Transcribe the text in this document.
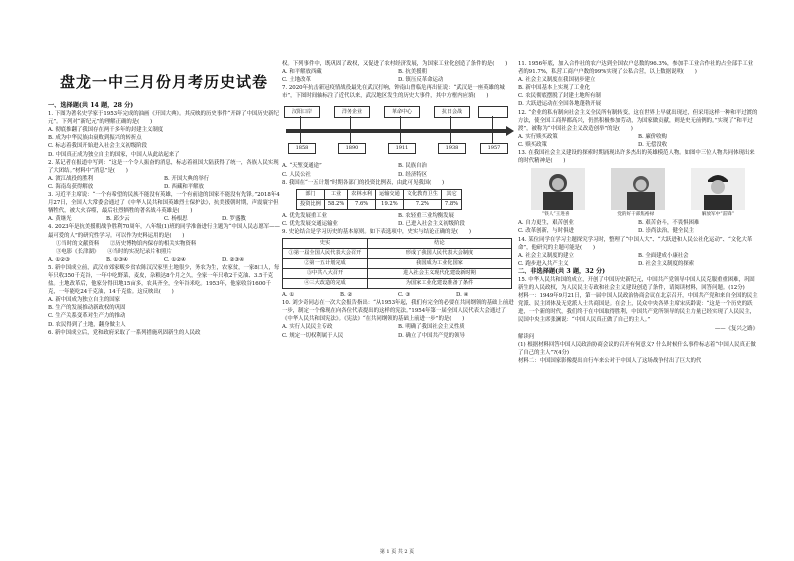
盘龙一中三月份月考历史试卷

一、选择题(共 14 题，28 分)

1. 下图为著名史学家于1953年完成的油画《开国大典》。其反映的历史事件“开辟了中国历史新纪元”。下列对“新纪元”的理解正确的是(　　)

A. 彻底推翻了我国存在两千多年的封建主义制度

B. 成为中华民族由衰败到振兴的转折点

C. 标志着我国开始进入社会主义初级阶段

D. 中国真正成为独立自主的国家，中国人从此站起来了

2. 某记者在报道中写到：“这是一个令人振奋的消息，标志着祖国大陆获得了统一，各族人民实现了大团结。”材料中“消息”是(　　)

A. 渡江战役的胜利	B. 开国大典的举行
C. 海南岛获得解放	D. 西藏和平解放

3. 习近平主席说：“一个有希望的民族不能没有英雄，一个有前途的国家不能没有先锋。”2018年4月27日，全国人大常委会通过了《中华人民共和国英雄烈士保护法》，抗美援朝时期，声震寰宇但牺牲代，被大火吞噬，最后壮烈牺牲的著名战斗英雄是(　　)

A. 黄继光	B. 邱少云	C. 杨根思	D. 罗盛教

4. 2023年是抗美援朝战争胜利70周年，八年级(1)班的同学准备进行主题为“中国人民志愿军——最可爱的人”的研究性学习。可以作为史料运用的是(　　)

①当时的文献资料　　②历史博物馆内保存的相关实物资料

③电影《长津湖》　　④当时的实况纪录片和照片

A. ①②③	B. ①③④	C. ①②④	D. ②③④

5. 新中国成立前，武汉市郊家畈乡贫农陈汉汉家里土地很少，务农为生，农家贫，一家8口人，每年只收350千克谷，一年中吃野菜，麦皮，杂粮达8个月之久，全家一年只收2千克油、3.5千克盐。土地改革后，他家分得田地15亩多，农具齐全，全年谷米吃。1953年，他家收谷1600千克，一年能吃24千克油，14千克盐。这反映出(　　)

A. 新中国成为独立自主的国家

B. 生产的发展推动新政权的巩固

C. 生产关系变革对生产力的推动

D. 农民得到了土地，翻身做主人

6. 新中国成立后，党和政府采取了一系列措施巩固新生的人民政

权。下列事件中，既巩固了政权，又促进了农村经济发展，为国家工业化创造了条件的是(　　)

A. 和平解放西藏	B. 抗美援朝
C. 土地改革	D. 镇压反革命运动

7. 2020年抗击新冠疫情战役最先在武汉打响，钟南山曾临危再出征说：“武汉是一座英雄的城市”，下图时间轴标注了近代以来，武汉地区发生的历史大事件，其中方框内应填(　　)

汉阳口岸	洋务企业	革命中心	抗日会战
1858	1890	1911	1938	1957
A. “天堑变通途”	B. 民族自治
C. 人民公社	D. 经济特区

8. 我国在“一五计划”时期各部门的投资比例表，由此可见我国(　　)

部门	工业	农林水利	运输交通	文化教育卫生	其它
投资比例	58.2%	7.6%	19.2%	7.2%	7.8%
A. 优先发展重工业	B. 农轻重三业均衡发展
C. 优先发展交通运输业	D. 已进入社会主义初级阶段

9. 史论结合是学习历史的基本原则。如下表选项中，史实与结论正确的是(　　)

史实	结论
①第一届全国人民代表大会召开	形成了我国人民代表大会制度
②第一五计划完成	我国成为工业化国家
③中共八大召开	进入社会主义现代化建设新时期
④三大改造的完成	为国家工业化建设准备了条件
A. ①	B. ②	C. ③	D. ④

10. 刘少奇同志在一次大会报告指出：“从1953年起，我们有完全的必要在共同纲领的基础上前进一步，制定一个像现在向各位代表提出的这样的宪法。”1954年第一届全国人民代表大会通过了《中华人民共和国宪法》。《宪法》“在共同纲领的基础上前进一步”的是(　　)

A. 实行人民民主专政	B. 明确了我国社会主义性质
C. 规定一切权利属于人民	D. 确立了中国共产党的领导

11. 1956年底，加入合作社的农户达到全国农户总数的96.3%，参加手工业合作社的占全部手工业者的91.7%，私营工商户户数的99%实现了公私合营，以上数据说明(　　)

A. 社会主义制度在我国初步建立

B. 新中国基本上实现了工业化

C. 农民彻底摆脱了封建土地所有制

D. 大跃进运动在全国各地蓬勃开展

12. “企业的私有制向社会主义全民所有制转变，这在世界上早就出现过，但采用这样一种和平过渡的方法，使全国工商界都高兴，仍然积极参加劳动，为国家做贡献，则是史无前例的。”实现了“和平过渡”，被称为“中国社会主义改造创举”的是(　　)

A. 实行赎买政策	B. 廉价收购
C. 赎买政策	D. 无偿没收

13. 在我国社会主义建设的探索时期涌现出许多杰出的英雄模范人物。如图中三位人物共同体现出来的时代精神是(　　)

“铁人”王进喜	党的好干部焦裕禄	解放军中“雷锋”
A. 自力更生，艰苦创业	B. 艰苦奋斗，不畏惧困难
C. 改革创新，与时俱进	D. 崇尚法治，健全民主

14. 某位同学在学习主题探究学习时，整理了“中国人大”、“大跃进和人民公社化运动”、“文化大革命”，他研究的主题可能是(　　)

A. 社会主义制度的建立	B. 全面建成小康社会
C. 跑步进入共产主义	D. 社会主义制度的探索

二、非选择题(共 3 题，32 分)

15. 中华人民共和国的成立，开创了中国历史新纪元，中国共产党领导中国人民克服重重困难，巩固新生的人民政权，为人民民主专政和社会主义建设创造了条件，请阅读材料，回答问题。(12分)

材料一：1949年9月21日，第一届中国人民政治协商会议在北京召开，中国共产党和来自全国的民主党派、民主团体及无党派人士共商国是。在会上，民众中央各界主席宋庆龄说：“这是一个历史的跃进，一个新的时代，我们终于在中国取得胜利，中国共产党所领导的民主力量已经实现了人民民主，民国中央主席张澜说：“中国人民真正做了自己的主人。”

——《复兴之路》

解读问

(1) 根据材料回答中国人民政治协商会议的召开有何意义? 什么时候什么事件标志着“中国人民真正做了自己的主人”?(4分)

材料二：中国国家影像提出自行车来公对于中国人了这场战争付出了巨大的代

第 1 页 共 2 页
